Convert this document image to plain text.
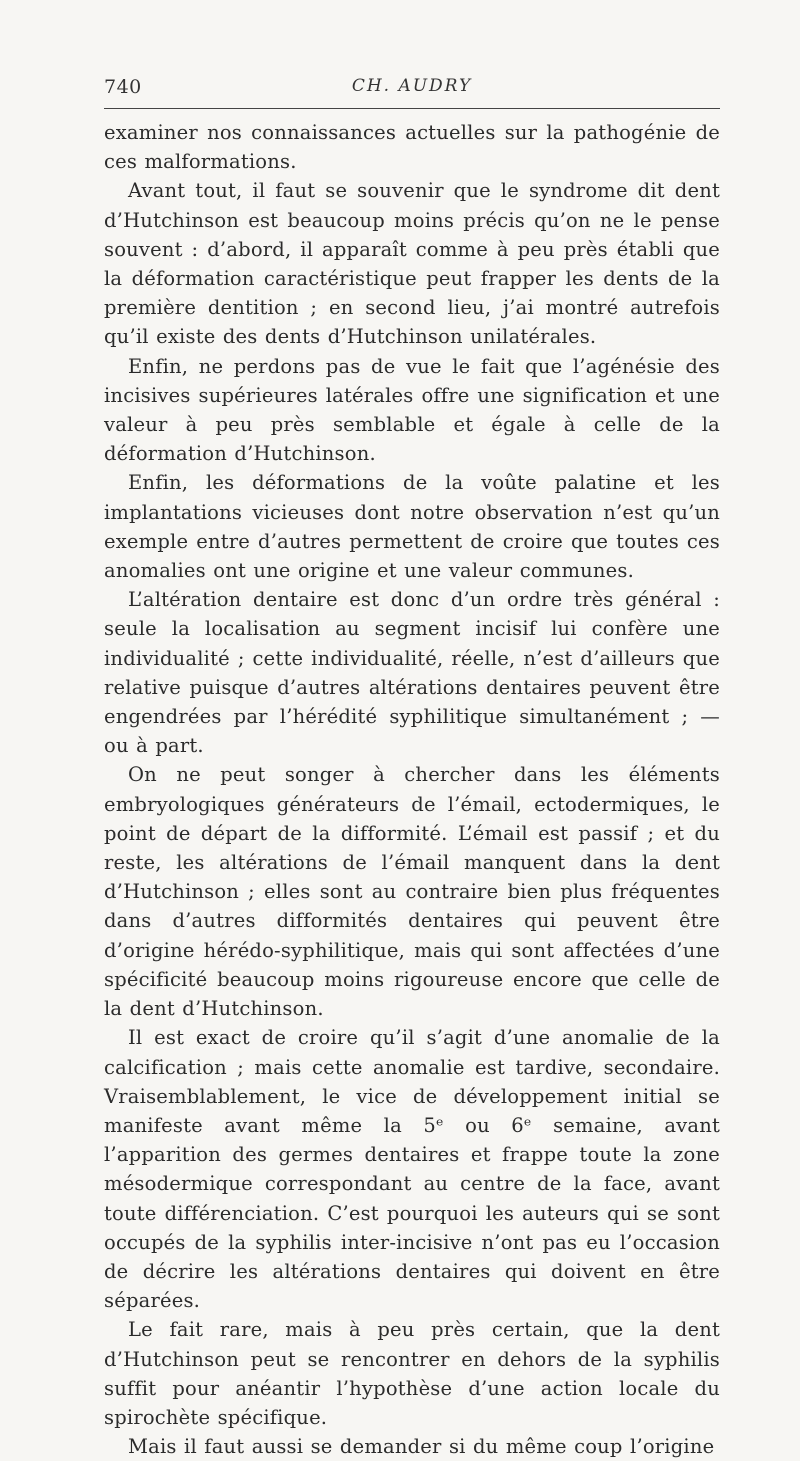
740	CH. AUDRY

examiner nos connaissances actuelles sur la pathogénie de ces malformations.

Avant tout, il faut se souvenir que le syndrome dit dent d’Hutchinson est beaucoup moins précis qu’on ne le pense souvent : d’abord, il apparaît comme à peu près établi que la déformation caractéristique peut frapper les dents de la première dentition ; en second lieu, j’ai montré autrefois qu’il existe des dents d’Hutchinson unilatérales.

Enfin, ne perdons pas de vue le fait que l’agénésie des incisives supérieures latérales offre une signification et une valeur à peu près semblable et égale à celle de la déformation d’Hutchinson.

Enfin, les déformations de la voûte palatine et les implantations vicieuses dont notre observation n’est qu’un exemple entre d’autres permettent de croire que toutes ces anomalies ont une origine et une valeur communes.

L’altération dentaire est donc d’un ordre très général : seule la localisation au segment incisif lui confère une individualité ; cette individualité, réelle, n’est d’ailleurs que relative puisque d’autres altérations dentaires peuvent être engendrées par l’hérédité syphilitique simultanément ; — ou à part.

On ne peut songer à chercher dans les éléments embryologiques générateurs de l’émail, ectodermiques, le point de départ de la difformité. L’émail est passif ; et du reste, les altérations de l’émail manquent dans la dent d’Hutchinson ; elles sont au contraire bien plus fréquentes dans d’autres difformités dentaires qui peuvent être d’origine hérédo-syphilitique, mais qui sont affectées d’une spécificité beaucoup moins rigoureuse encore que celle de la dent d’Hutchinson.

Il est exact de croire qu’il s’agit d’une anomalie de la calcification ; mais cette anomalie est tardive, secondaire. Vraisemblablement, le vice de développement initial se manifeste avant même la 5ᵉ ou 6ᵉ semaine, avant l’apparition des germes dentaires et frappe toute la zone mésodermique correspondant au centre de la face, avant toute différenciation. C’est pourquoi les auteurs qui se sont occupés de la syphilis inter-incisive n’ont pas eu l’occasion de décrire les altérations dentaires qui doivent en être séparées.

Le fait rare, mais à peu près certain, que la dent d’Hutchinson peut se rencontrer en dehors de la syphilis suffit pour anéantir l’hypothèse d’une action locale du spirochète spécifique.

Mais il faut aussi se demander si du même coup l’origine
